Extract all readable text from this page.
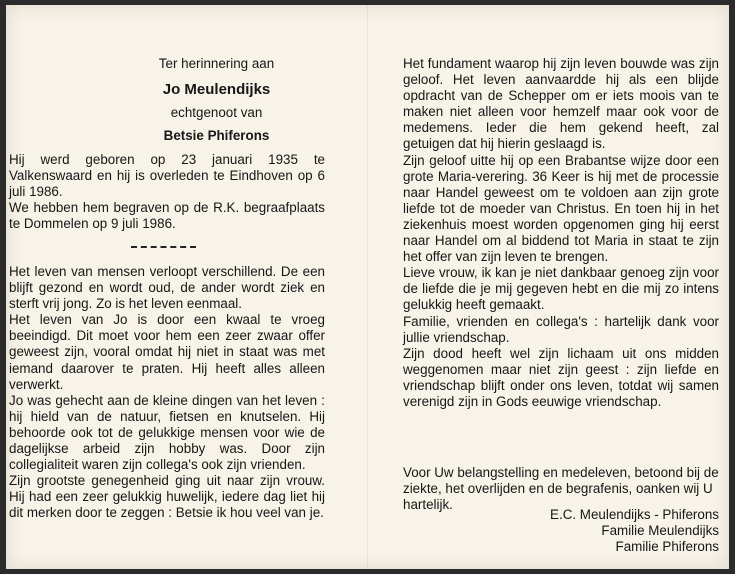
Het leven van mensen verloopt verschillend. De een blijft gezond en wordt oud, de ander wordt ziek en sterft vrij jong. Zo is het leven eenmaal.

Het leven van Jo is door een kwaal te vroeg beeindigd. Dit moet voor hem een zeer zwaar offer geweest zijn, vooral omdat hij niet in staat was met iemand daarover te praten. Hij heeft alles alleen verwerkt.

Jo was gehecht aan de kleine dingen van het leven : hij hield van de natuur, fietsen en knutselen. Hij behoorde ook tot de gelukkige mensen voor wie de dagelijkse arbeid zijn hobby was. Door zijn collegialiteit waren zijn collega's ook zijn vrienden.

Zijn grootste genegenheid ging uit naar zijn vrouw. Hij had een zeer gelukkig huwelijk, iedere dag liet hij dit merken door te zeggen : Betsie ik hou veel van je.

Het fundament waarop hij zijn leven bouwde was zijn geloof. Het leven aanvaardde hij als een blijde opdracht van de Schepper om er iets moois van te maken niet alleen voor hemzelf maar ook voor de medemens. Ieder die hem gekend heeft, zal getuigen dat hij hierin geslaagd is.

Zijn geloof uitte hij op een Brabantse wijze door een grote Maria-verering. 36 Keer is hij met de processie naar Handel geweest om te voldoen aan zijn grote liefde tot de moeder van Christus. En toen hij in het ziekenhuis moest worden opgenomen ging hij eerst naar Handel om al biddend tot Maria in staat te zijn het offer van zijn leven te brengen.

Lieve vrouw, ik kan je niet dankbaar genoeg zijn voor de liefde die je mij gegeven hebt en die mij zo intens gelukkig heeft gemaakt.

Familie, vrienden en collega's : hartelijk dank voor jullie vriendschap.

Zijn dood heeft wel zijn lichaam uit ons midden weggenomen maar niet zijn geest : zijn liefde en vriendschap blijft onder ons leven, totdat wij samen verenigd zijn in Gods eeuwige vriendschap.

Voor Uw belangstelling en medeleven, betoond bij de ziekte, het overlijden en de begrafenis, oanken wij U hartelijk.

E.C. Meulendijks - Phiferons
Familie Meulendijks
Familie Phiferons
Ter herinnering aan
Jo Meulendijks
echtgenoot van
Betsie Phiferons

Hij werd geboren op 23 januari 1935 te Valkenswaard en hij is overleden te Eindhoven op 6 juli 1986.

We hebben hem begraven op de R.K. begraafplaats te Dommelen op 9 juli 1986.
